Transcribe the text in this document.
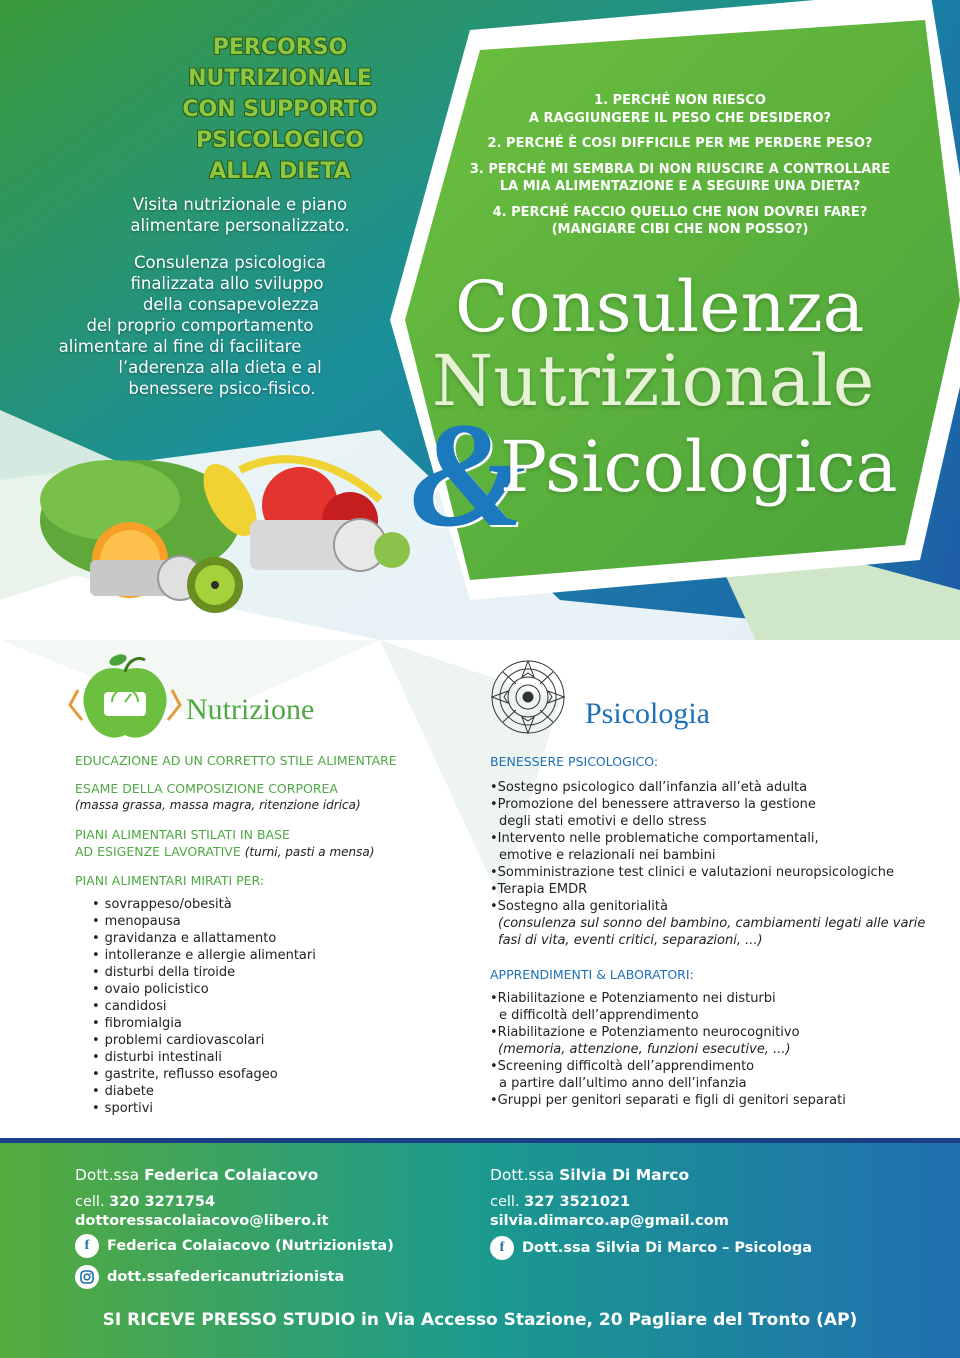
PERCORSO
NUTRIZIONALE
CON SUPPORTO
PSICOLOGICO
ALLA DIETA
Visita nutrizionale e piano
alimentare personalizzato.
Consulenza psicologica
finalizzata allo sviluppo
della consapevolezza
del proprio comportamento
alimentare al fine di facilitare
l’aderenza alla dieta e al
benessere psico-fisico.
1. PERCHÉ NON RIESCO
A RAGGIUNGERE IL PESO CHE DESIDERO?
2. PERCHÉ È COSI DIFFICILE PER ME PERDERE PESO?
3. PERCHÉ MI SEMBRA DI NON RIUSCIRE A CONTROLLARE
LA MIA ALIMENTAZIONE E A SEGUIRE UNA DIETA?
4. PERCHÉ FACCIO QUELLO CHE NON DOVREI FARE?
(MANGIARE CIBI CHE NON POSSO?)
Consulenza
Nutrizionale
&
Psicologica
Nutrizione
EDUCAZIONE AD UN CORRETTO STILE ALIMENTARE
ESAME DELLA COMPOSIZIONE CORPOREA
(massa grassa, massa magra, ritenzione idrica)
PIANI ALIMENTARI STILATI IN BASE
AD ESIGENZE LAVORATIVE (turni, pasti a mensa)
PIANI ALIMENTARI MIRATI PER:
• sovrappeso/obesità
• menopausa
• gravidanza e allattamento
• intolleranze e allergie alimentari
• disturbi della tiroide
• ovaio policistico
• candidosi
• fibromialgia
• problemi cardiovascolari
• disturbi intestinali
• gastrite, reflusso esofageo
• diabete
• sportivi
Psicologia
BENESSERE PSICOLOGICO:
• Sostegno psicologico dall’infanzia all’età adulta
• Promozione del benessere attraverso la gestione
degli stati emotivi e dello stress
• Intervento nelle problematiche comportamentali,
emotive e relazionali nei bambini
• Somministrazione test clinici e valutazioni neuropsicologiche
• Terapia EMDR
• Sostegno alla genitorialità
(consulenza sul sonno del bambino, cambiamenti legati alle varie
fasi di vita, eventi critici, separazioni, ...)
APPRENDIMENTI & LABORATORI:
• Riabilitazione e Potenziamento nei disturbi
e difficoltà dell’apprendimento
• Riabilitazione e Potenziamento neurocognitivo
(memoria, attenzione, funzioni esecutive, ...)
• Screening difficoltà dell’apprendimento
a partire dall’ultimo anno dell’infanzia
• Gruppi per genitori separati e figli di genitori separati
Dott.ssa Federica Colaiacovo
cell. 320 3271754
dottoressacolaiacovo@libero.it
f	Federica Colaiacovo (Nutrizionista)
dott.ssafedericanutrizionista
Dott.ssa Silvia Di Marco
cell. 327 3521021
silvia.dimarco.ap@gmail.com
f	Dott.ssa Silvia Di Marco – Psicologa
SI RICEVE PRESSO STUDIO in Via Accesso Stazione, 20 Pagliare del Tronto (AP)
